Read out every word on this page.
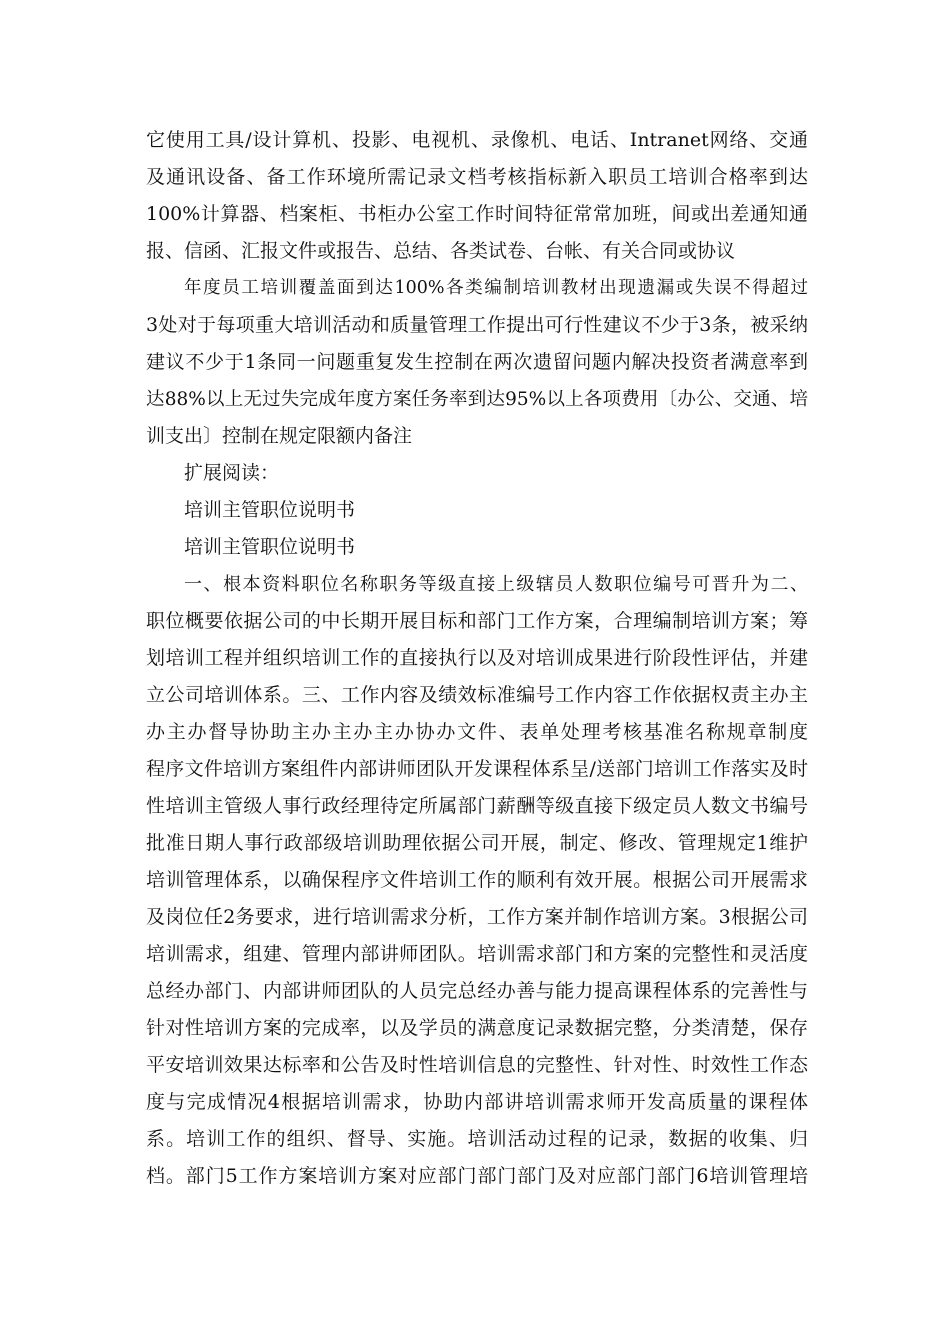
它使用工具/设计算机、投影、电视机、录像机、电话、Intranet网络、交通
及通讯设备、备工作环境所需记录文档考核指标新入职员工培训合格率到达
100%计算器、档案柜、书柜办公室工作时间特征常常加班，间或出差通知通
报、信函、汇报文件或报告、总结、各类试卷、台帐、有关合同或协议
年度员工培训覆盖面到达100%各类编制培训教材出现遗漏或失误不得超过
3处对于每项重大培训活动和质量管理工作提出可行性建议不少于3条，被采纳
建议不少于1条同一问题重复发生控制在两次遗留问题内解决投资者满意率到
达88%以上无过失完成年度方案任务率到达95%以上各项费用〔办公、交通、培
训支出〕控制在规定限额内备注
扩展阅读：
培训主管职位说明书
培训主管职位说明书
一、根本资料职位名称职务等级直接上级辖员人数职位编号可晋升为二、
职位概要依据公司的中长期开展目标和部门工作方案，合理编制培训方案；筹
划培训工程并组织培训工作的直接执行以及对培训成果进行阶段性评估，并建
立公司培训体系。三、工作内容及绩效标准编号工作内容工作依据权责主办主
办主办督导协助主办主办主办协办文件、表单处理考核基准名称规章制度
程序文件培训方案组件内部讲师团队开发课程体系呈/送部门培训工作落实及时
性培训主管级人事行政经理待定所属部门薪酬等级直接下级定员人数文书编号
批准日期人事行政部级培训助理依据公司开展，制定、修改、管理规定1维护
培训管理体系，以确保程序文件培训工作的顺利有效开展。根据公司开展需求
及岗位任2务要求，进行培训需求分析，工作方案并制作培训方案。3根据公司
培训需求，组建、管理内部讲师团队。培训需求部门和方案的完整性和灵活度
总经办部门、内部讲师团队的人员完总经办善与能力提高课程体系的完善性与
针对性培训方案的完成率，以及学员的满意度记录数据完整，分类清楚，保存
平安培训效果达标率和公告及时性培训信息的完整性、针对性、时效性工作态
度与完成情况4根据培训需求，协助内部讲培训需求师开发高质量的课程体
系。培训工作的组织、督导、实施。培训活动过程的记录，数据的收集、归
档。部门5工作方案培训方案对应部门部门部门及对应部门部门6培训管理培
